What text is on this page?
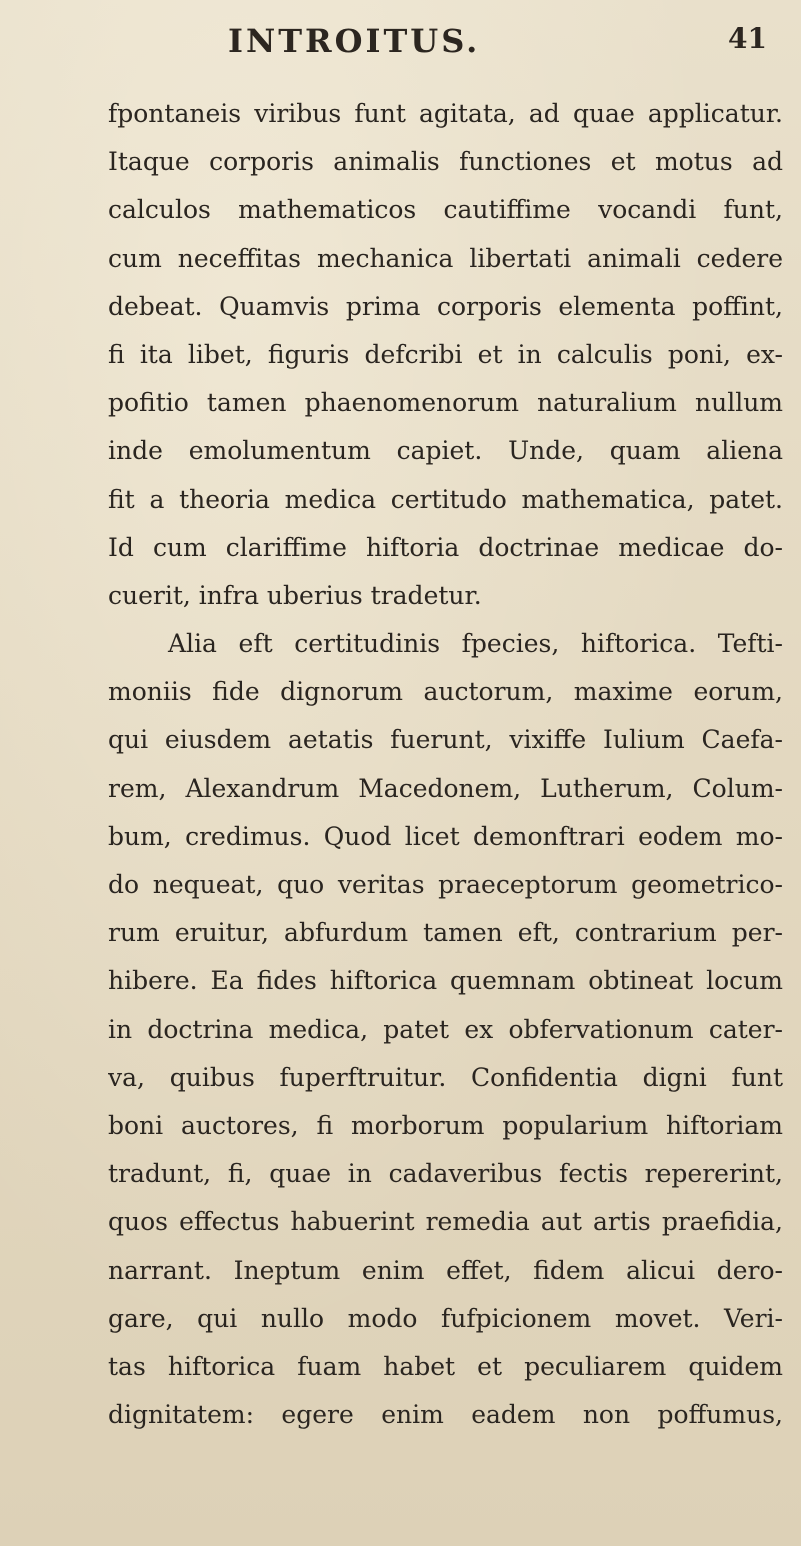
INTROITUS.	41
fpontaneis viribus funt agitata, ad quae applicatur.
Itaque corporis animalis functiones et motus ad
calculos mathematicos cautiffime vocandi funt,
cum neceffitas mechanica libertati animali cedere
debeat. Quamvis prima corporis elementa poffint,
fi ita libet, figuris defcribi et in calculis poni, ex-
pofitio tamen phaenomenorum naturalium nullum
inde emolumentum capiet. Unde, quam aliena
fit a theoria medica certitudo mathematica, patet.
Id cum clariffime hiftoria doctrinae medicae do-
cuerit, infra uberius tradetur.
Alia eft certitudinis fpecies, hiftorica. Tefti-
moniis fide dignorum auctorum, maxime eorum,
qui eiusdem aetatis fuerunt, vixiffe Iulium Caefa-
rem, Alexandrum Macedonem, Lutherum, Colum-
bum, credimus. Quod licet demonftrari eodem mo-
do nequeat, quo veritas praeceptorum geometrico-
rum eruitur, abfurdum tamen eft, contrarium per-
hibere. Ea fides hiftorica quemnam obtineat locum
in doctrina medica, patet ex obfervationum cater-
va, quibus fuperftruitur. Confidentia digni funt
boni auctores, fi morborum popularium hiftoriam
tradunt, fi, quae in cadaveribus fectis repererint,
quos effectus habuerint remedia aut artis praefidia,
narrant. Ineptum enim effet, fidem alicui dero-
gare, qui nullo modo fufpicionem movet. Veri-
tas hiftorica fuam habet et peculiarem quidem
dignitatem: egere enim eadem non poffumus,
